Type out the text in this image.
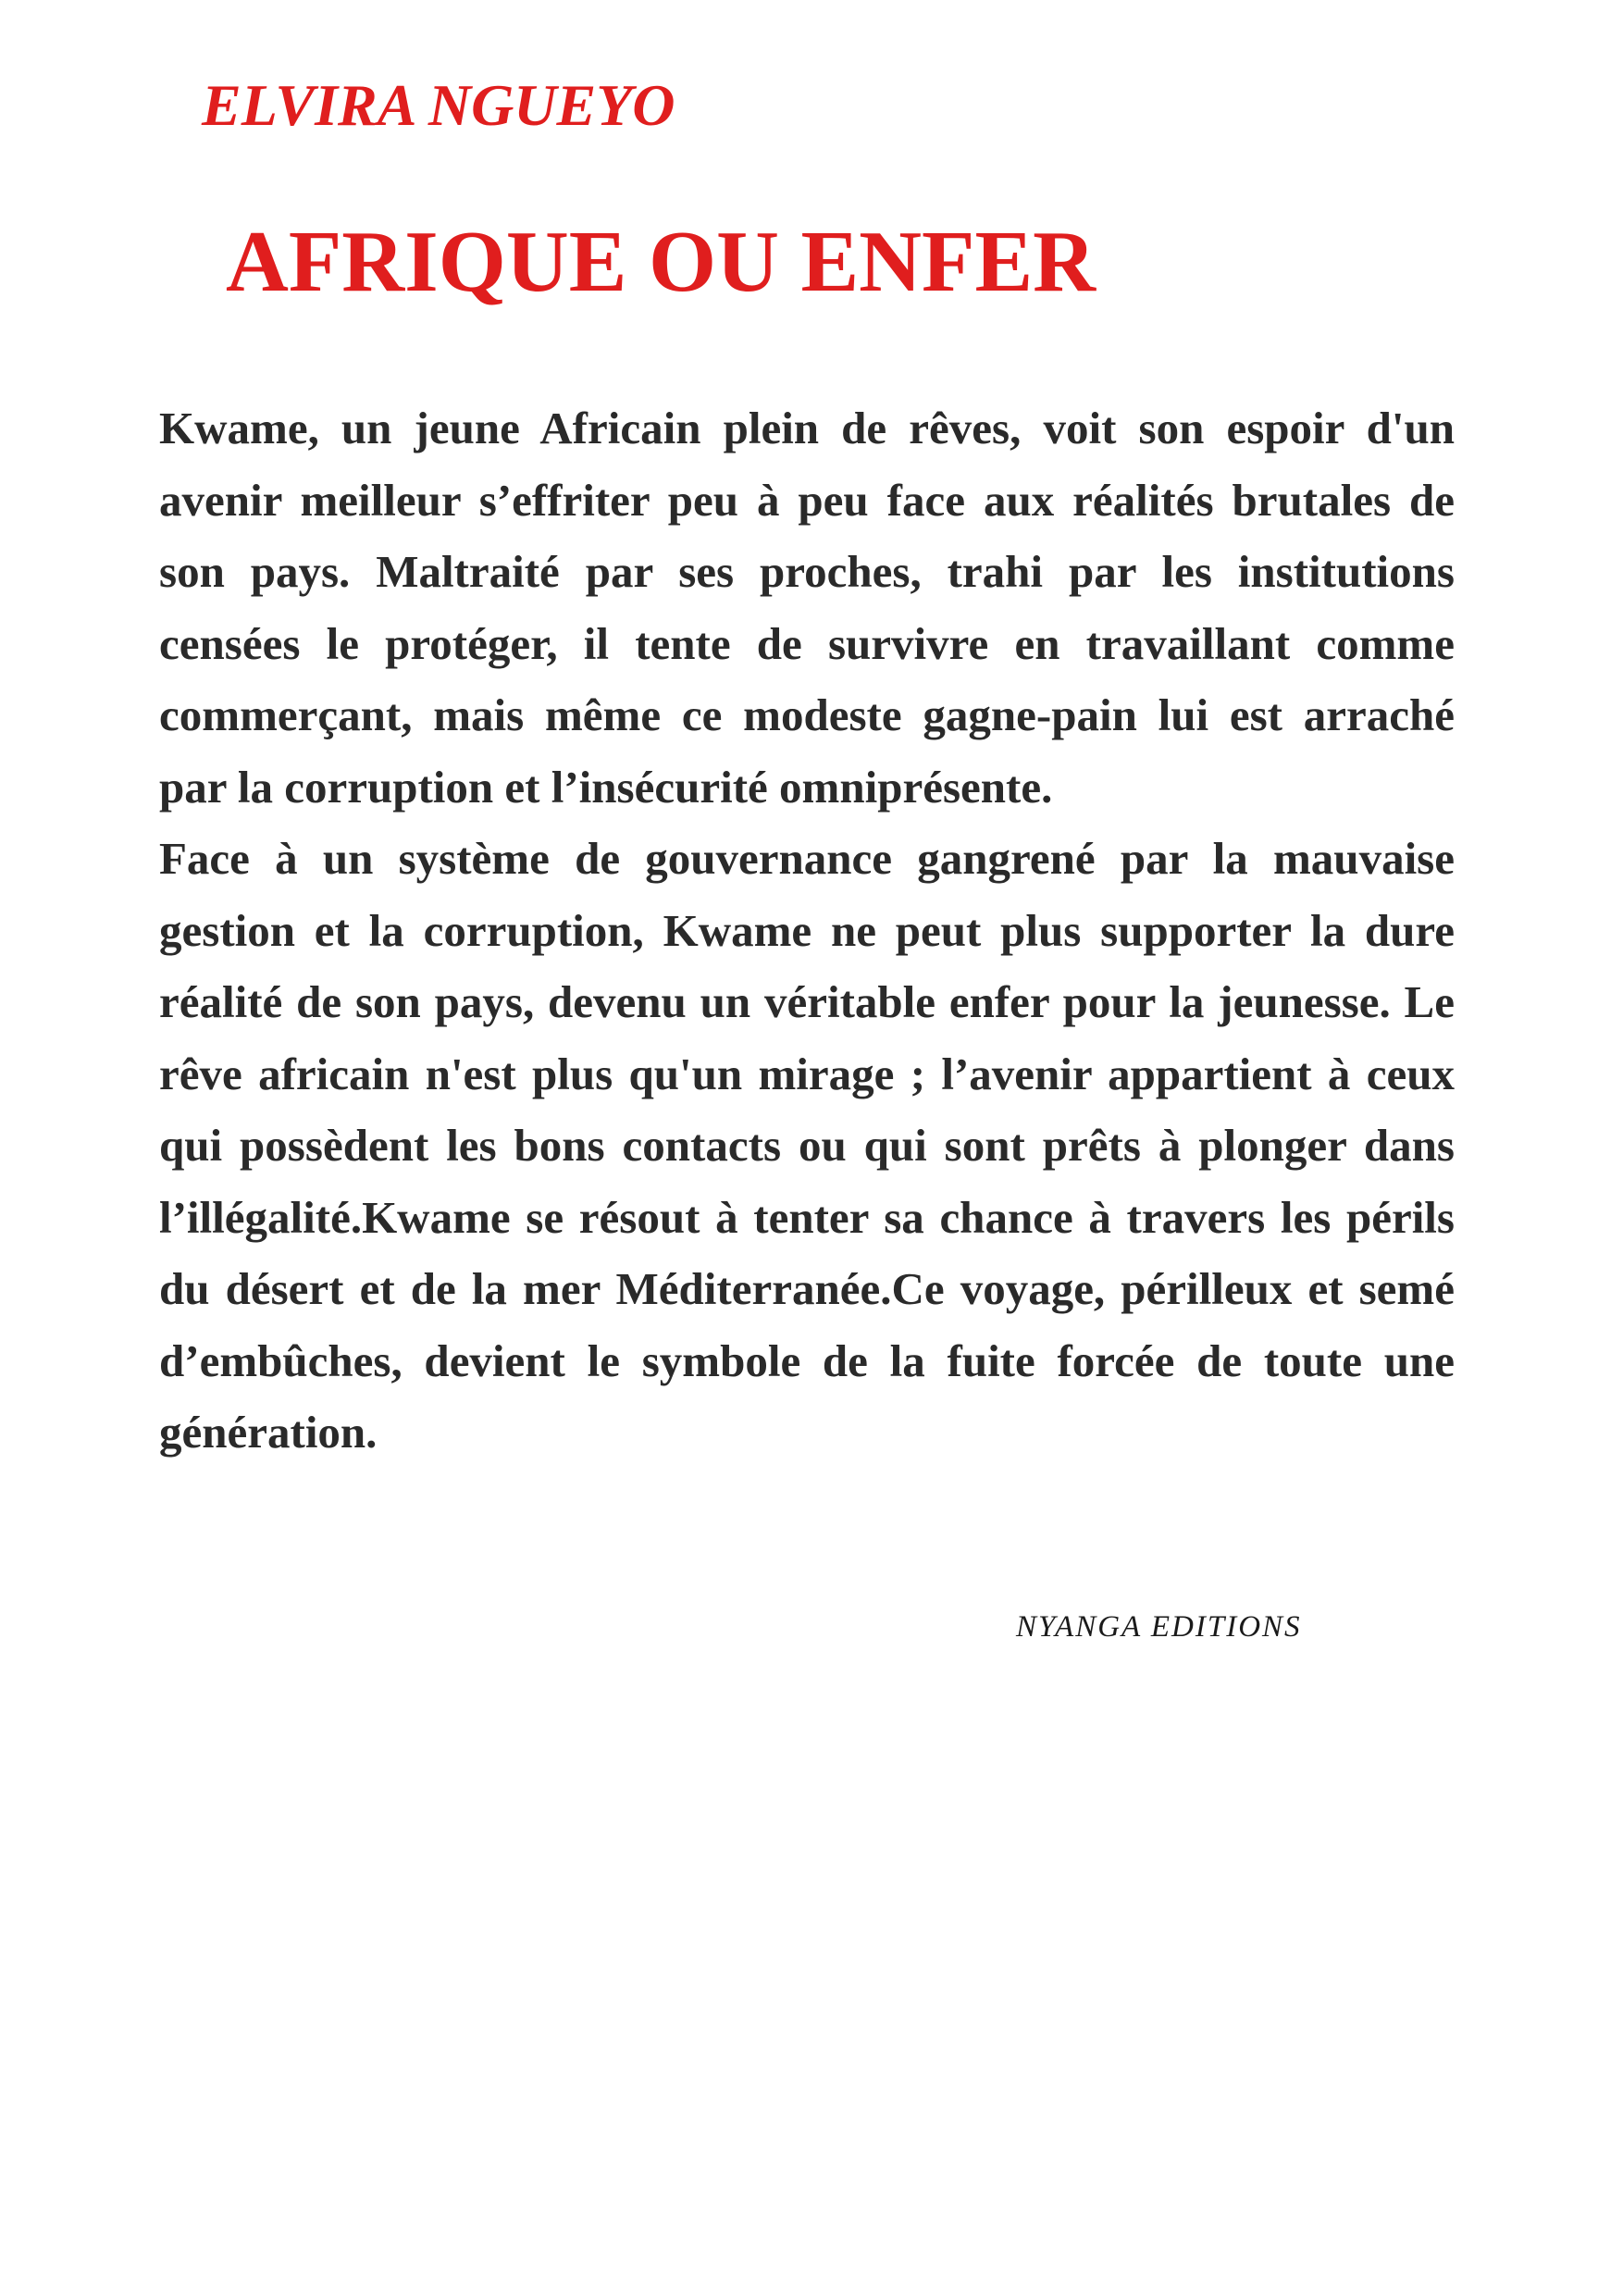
ELVIRA NGUEYO
AFRIQUE OU ENFER

Kwame, un jeune Africain plein de rêves, voit son espoir d'un avenir meilleur s’effriter peu à peu face aux réalités brutales de son pays. Maltraité par ses proches, trahi par les institutions censées le protéger, il tente de survivre en travaillant comme commerçant, mais même ce modeste gagne-pain lui est arraché par la corruption et l’insécurité omniprésente.

Face à un système de gouvernance gangrené par la mauvaise gestion et la corruption, Kwame ne peut plus supporter la dure réalité de son pays, devenu un véritable enfer pour la jeunesse. Le rêve africain n'est plus qu'un mirage ; l’avenir appartient à ceux qui possèdent les bons contacts ou qui sont prêts à plonger dans l’illégalité.Kwame se résout à tenter sa chance à travers les périls du désert et de la mer Méditerranée.Ce voyage, périlleux et semé d’embûches, devient le symbole de la fuite forcée de toute une génération.

NYANGA EDITIONS
